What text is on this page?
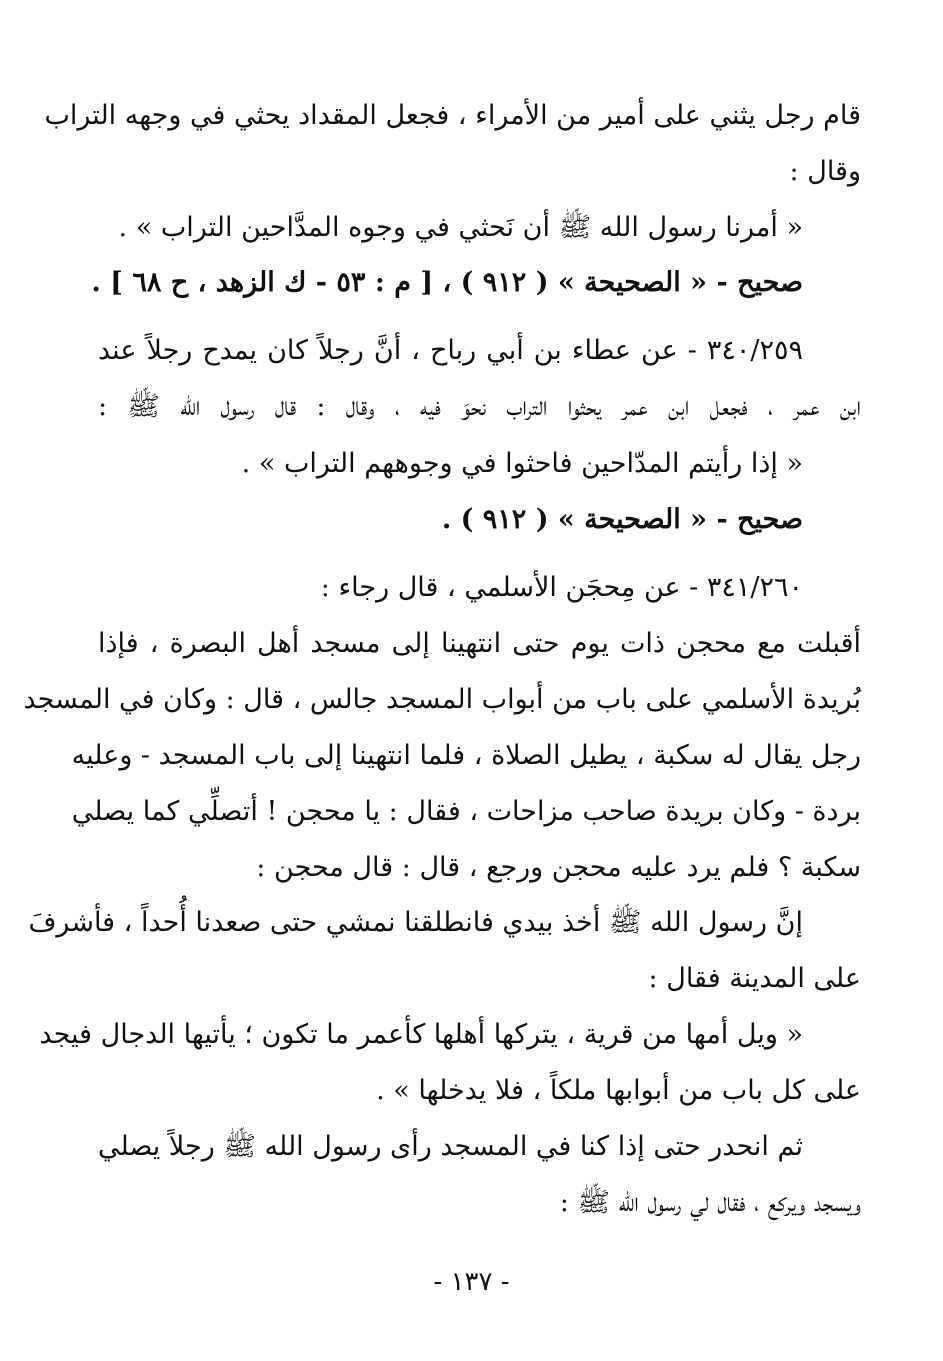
قام رجل يثني على أمير من الأمراء ، فجعل المقداد يحثي في وجهه التراب
وقال :
« أمرنا رسول الله ﷺ أن نَحثي في وجوه المدَّاحين التراب » .
صحيح - « الصحيحة » ( ٩١٢ ) ، [ م : ٥٣ - ك الزهد ، ح ٦٨ ] .
٣٤٠/٢٥٩ - عن عطاء بن أبي رباح ، أنَّ رجلاً كان يمدح رجلاً عند
ابن عمر ، فجعل ابن عمر يحثوا التراب نحوَ فيه ، وقال : قال رسول الله ﷺ :
« إذا رأيتم المدّاحين فاحثوا في وجوههم التراب » .
صحيح - « الصحيحة » ( ٩١٢ ) .
٣٤١/٢٦٠ - عن مِحجَن الأسلمي ، قال رجاء :
أقبلت مع محجن ذات يوم حتى انتهينا إلى مسجد أهل البصرة ، فإذا
بُريدة الأسلمي على باب من أبواب المسجد جالس ، قال : وكان في المسجد
رجل يقال له سكبة ، يطيل الصلاة ، فلما انتهينا إلى باب المسجد - وعليه
بردة - وكان بريدة صاحب مزاحات ، فقال : يا محجن ! أتصلِّي كما يصلي
سكبة ؟ فلم يرد عليه محجن ورجع ، قال : قال محجن :
إنَّ رسول الله ﷺ أخذ بيدي فانطلقنا نمشي حتى صعدنا أُحداً ، فأشرفَ
على المدينة فقال :
« ويل أمها من قرية ، يتركها أهلها كأعمر ما تكون ؛ يأتيها الدجال فيجد
على كل باب من أبوابها ملكاً ، فلا يدخلها » .
ثم انحدر حتى إذا كنا في المسجد رأى رسول الله ﷺ رجلاً يصلي
ويسجد ويركع ، فقال لي رسول الله ﷺ :
- ١٣٧ -
